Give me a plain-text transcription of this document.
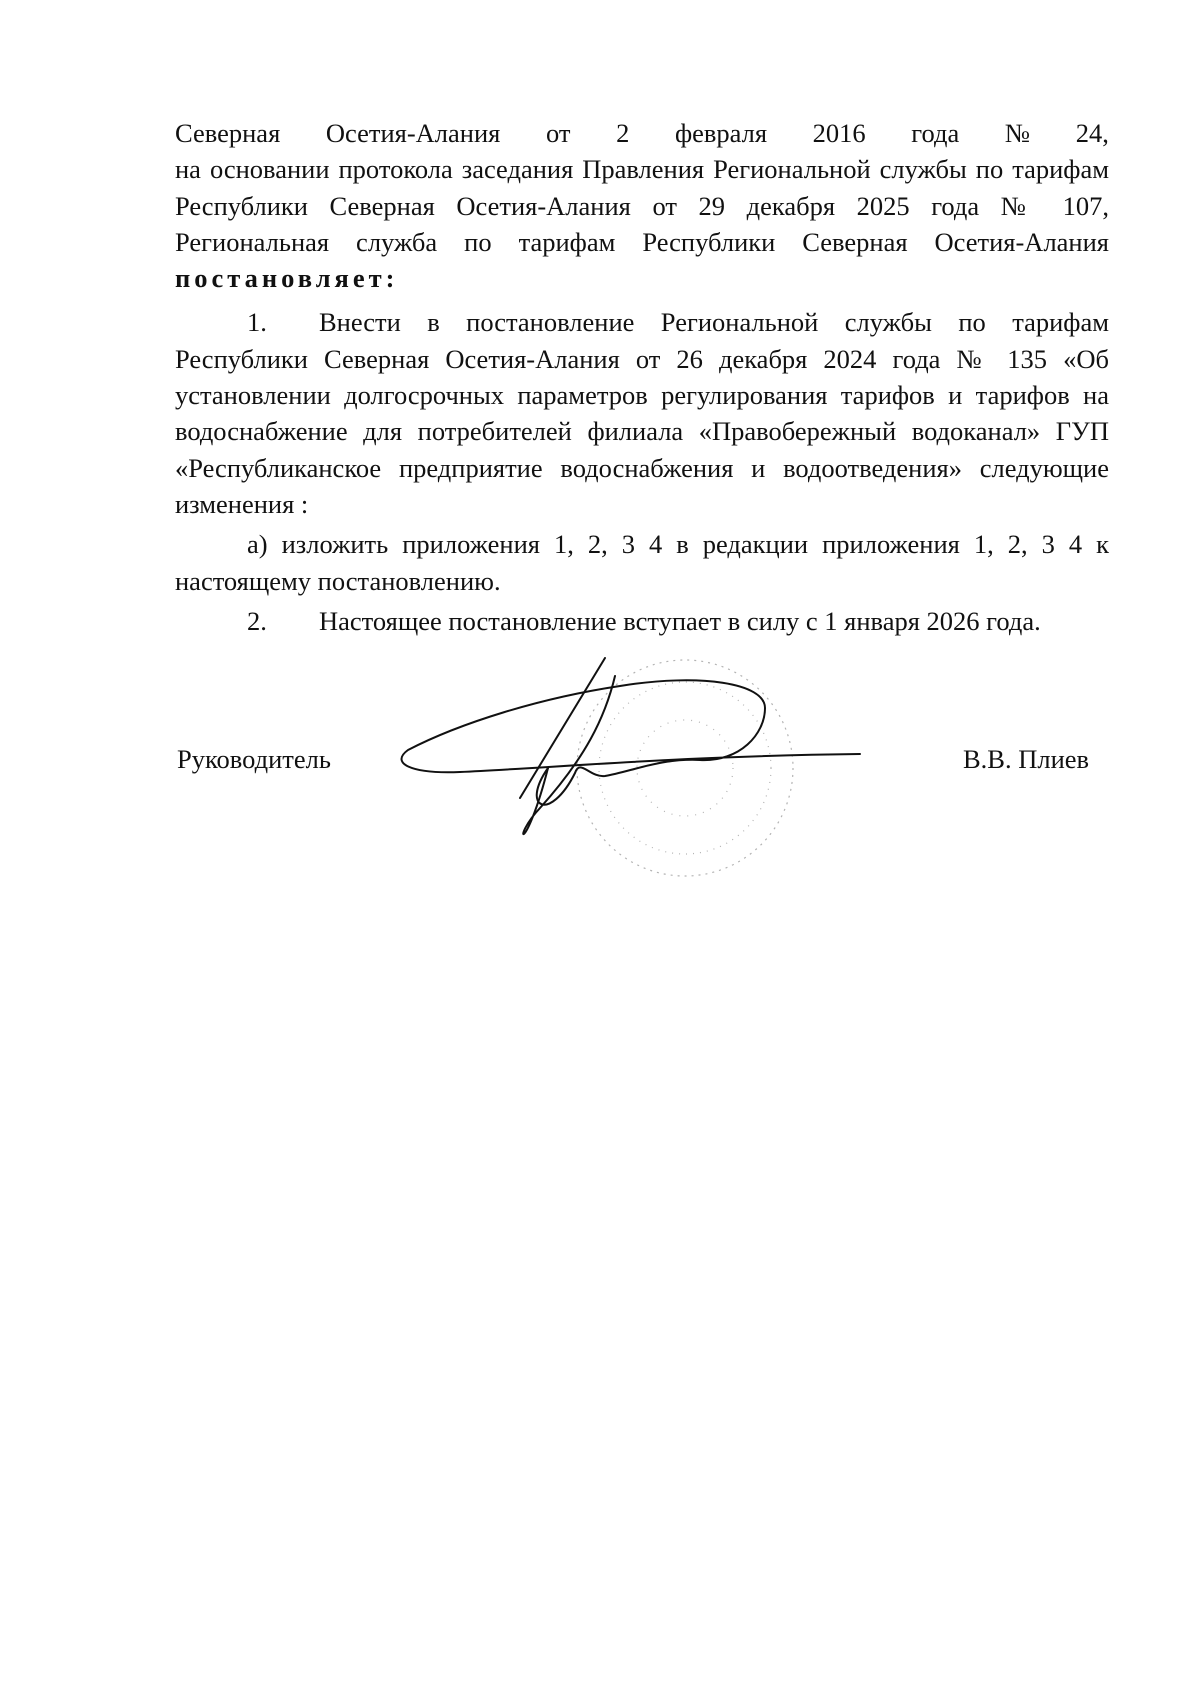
Северная Осетия-Алания от 2 февраля 2016 года № 24,

на основании протокола заседания Правления Региональной службы по тарифам Республики Северная Осетия-Алания от 29 декабря 2025 года № 107, Региональная служба по тарифам Республики Северная Осетия-Алания постановляет:

1. Внести в постановление Региональной службы по тарифам Республики Северная Осетия-Алания от 26 декабря 2024 года № 135 «Об установлении долгосрочных параметров регулирования тарифов и тарифов на водоснабжение для потребителей филиала «Правобережный водоканал» ГУП «Республиканское предприятие водоснабжения и водоотведения» следующие изменения :

а) изложить приложения 1, 2, 3 4 в редакции приложения 1, 2, 3 4 к настоящему постановлению.

2. Настоящее постановление вступает в силу с 1 января 2026 года.

Руководитель	В.В. Плиев
